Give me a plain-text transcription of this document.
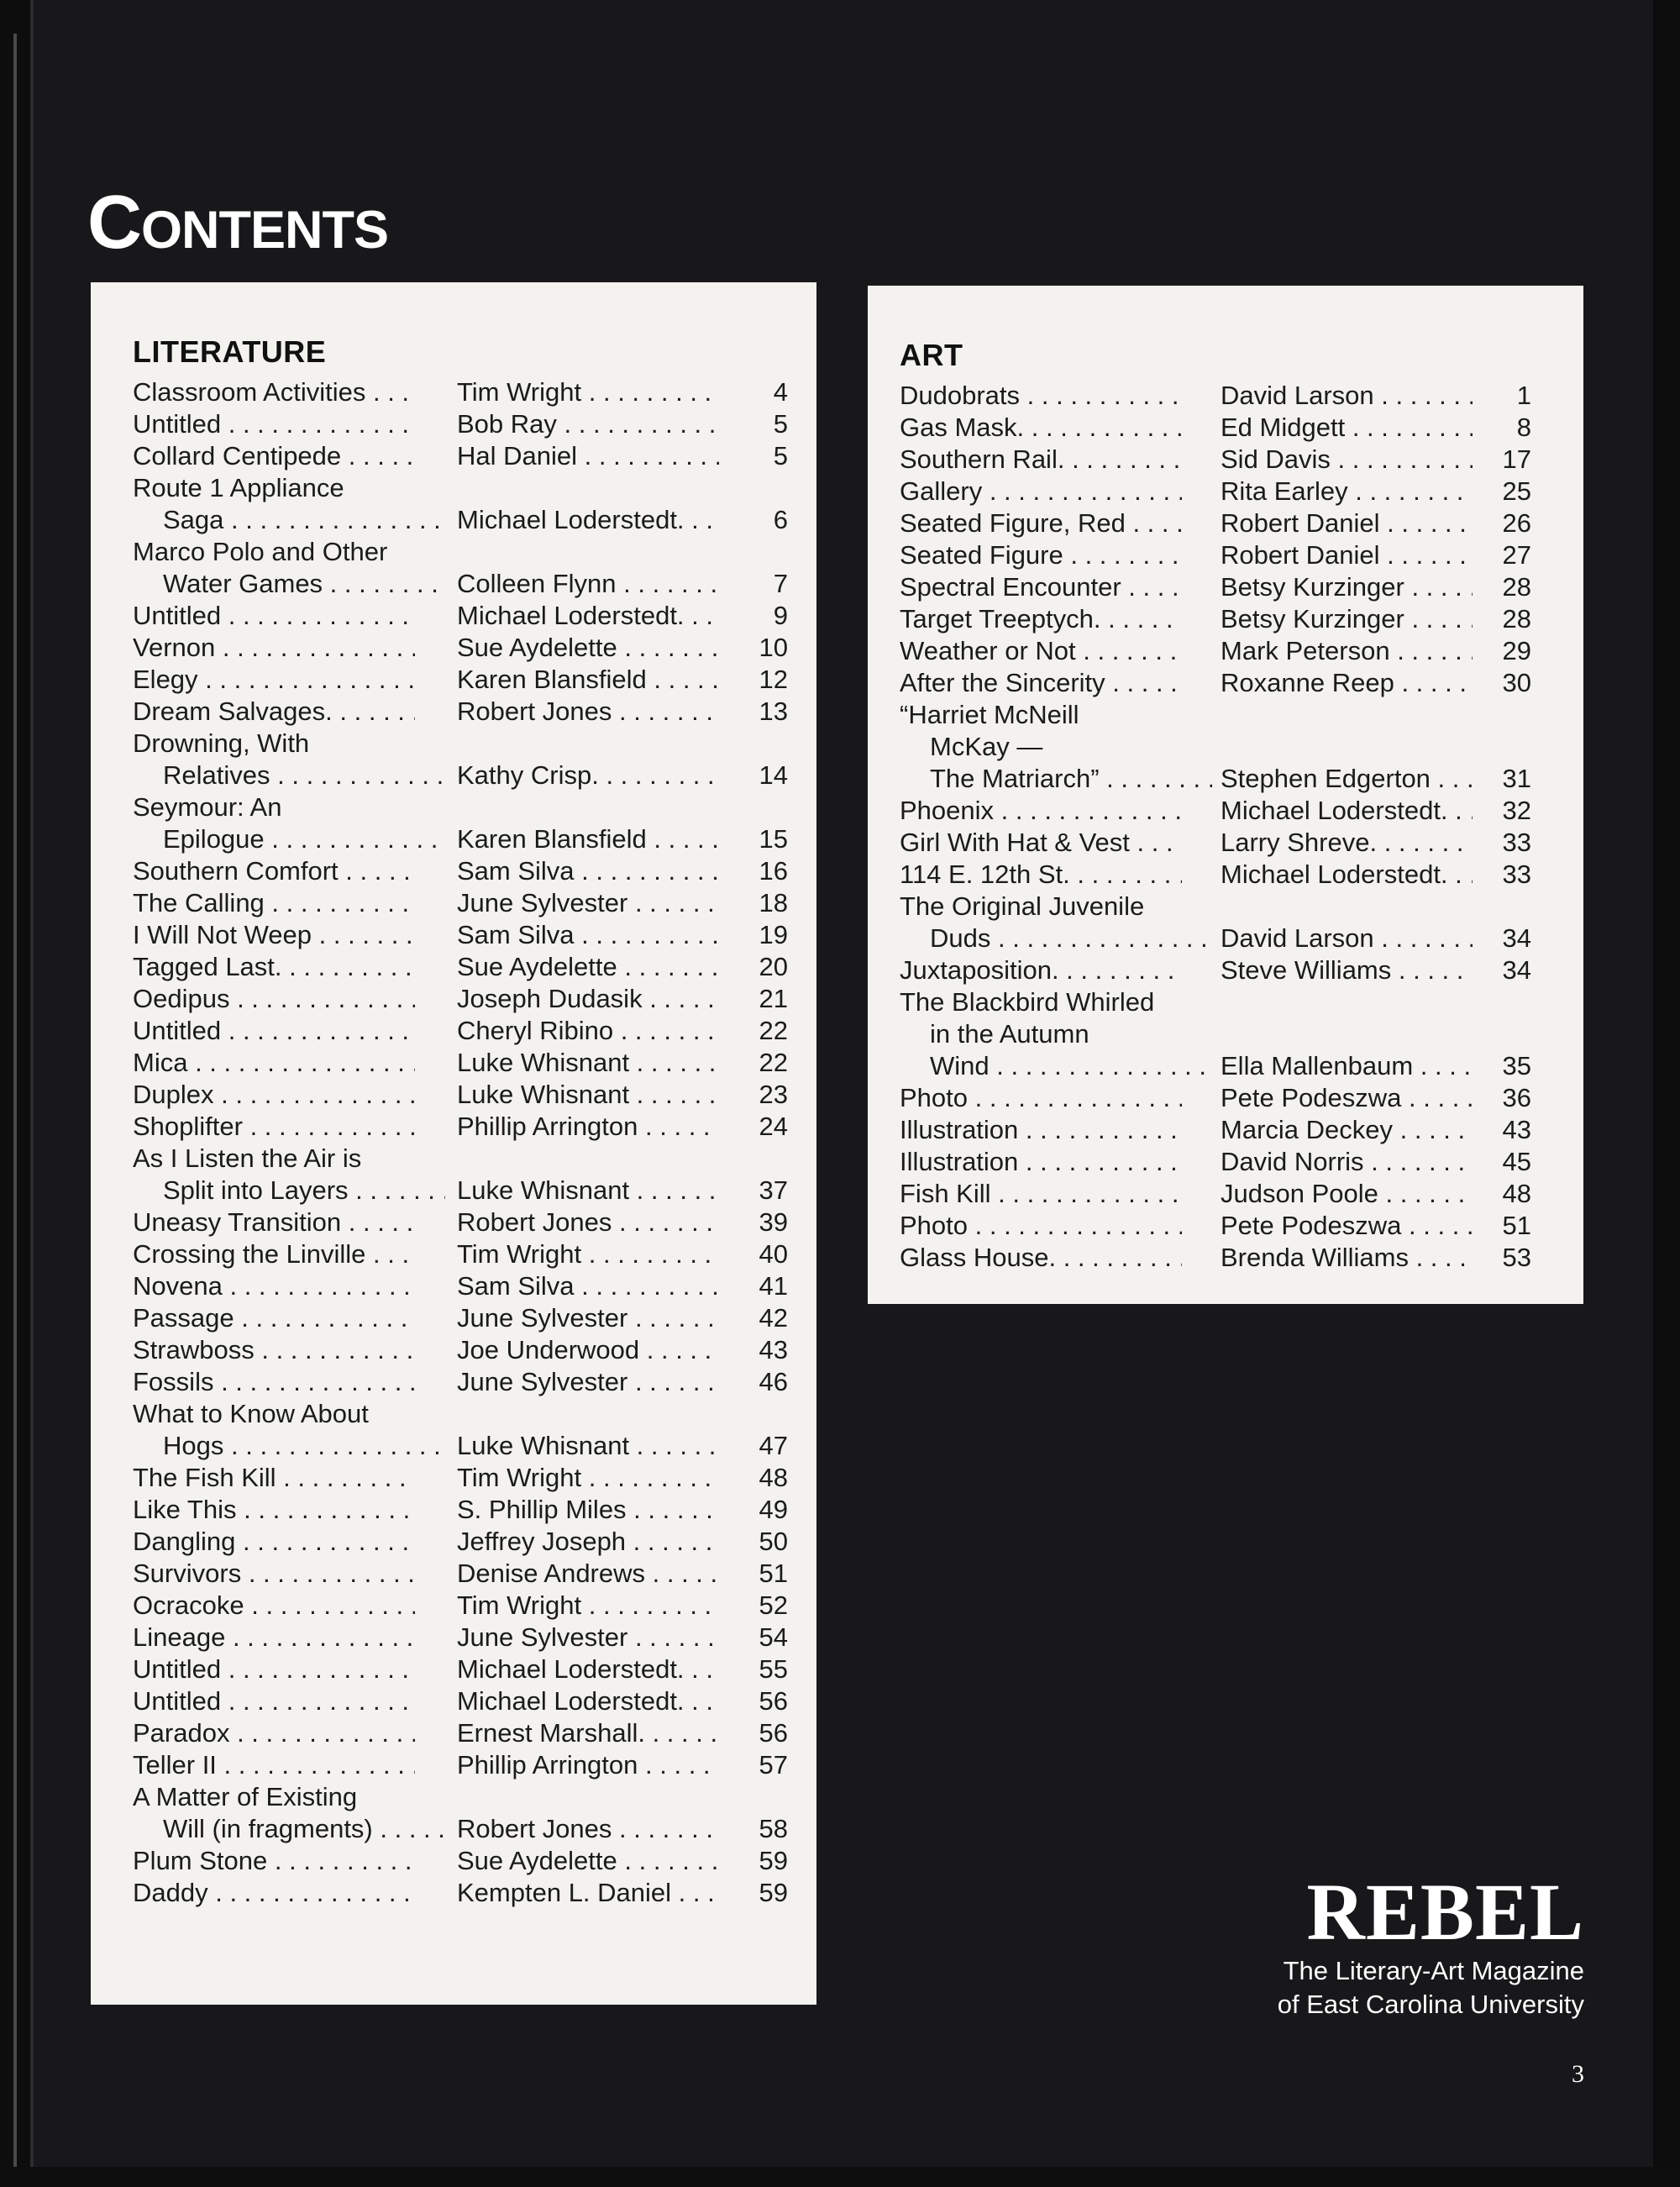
Contents
LITERATURE
Classroom Activities . . .	Tim Wright . . .	4
Untitled . . .	Bob Ray . . .	5
Collard Centipede . . .	Hal Daniel . . .	5
Route 1 Appliance
Saga . . .	Michael Loderstedt. . . .	6
Marco Polo and Other
Water Games . . .	Colleen Flynn . . .	7
Untitled . . .	Michael Loderstedt. . . .	9
Vernon . . .	Sue Aydelette . . .	10
Elegy . . .	Karen Blansfield . . .	12
Dream Salvages. . . .	Robert Jones . . .	13
Drowning, With
Relatives . . .	Kathy Crisp. . . .	14
Seymour: An
Epilogue . . .	Karen Blansfield . . .	15
Southern Comfort . . .	Sam Silva . . .	16
The Calling . . .	June Sylvester . . .	18
I Will Not Weep . . .	Sam Silva . . .	19
Tagged Last. . . .	Sue Aydelette . . .	20
Oedipus . . .	Joseph Dudasik . . .	21
Untitled . . .	Cheryl Ribino . . .	22
Mica . . .	Luke Whisnant . . .	22
Duplex . . .	Luke Whisnant . . .	23
Shoplifter . . .	Phillip Arrington . . .	24
As I Listen the Air is
Split into Layers . . .	Luke Whisnant . . .	37
Uneasy Transition . . .	Robert Jones . . .	39
Crossing the Linville . . .	Tim Wright . . .	40
Novena . . .	Sam Silva . . .	41
Passage . . .	June Sylvester . . .	42
Strawboss . . .	Joe Underwood . . .	43
Fossils . . .	June Sylvester . . .	46
What to Know About
Hogs . . .	Luke Whisnant . . .	47
The Fish Kill . . .	Tim Wright . . .	48
Like This . . .	S. Phillip Miles . . .	49
Dangling . . .	Jeffrey Joseph . . .	50
Survivors . . .	Denise Andrews . . .	51
Ocracoke . . .	Tim Wright . . .	52
Lineage . . .	June Sylvester . . .	54
Untitled . . .	Michael Loderstedt. . . .	55
Untitled . . .	Michael Loderstedt. . . .	56
Paradox . . .	Ernest Marshall. . . .	56
Teller II . . .	Phillip Arrington . . .	57
A Matter of Existing
Will (in fragments) . . .	Robert Jones . . .	58
Plum Stone . . .	Sue Aydelette . . .	59
Daddy . . .	Kempten L. Daniel . . .	59
ART
Dudobrats . . .	David Larson . . .	1
Gas Mask. . . .	Ed Midgett . . .	8
Southern Rail. . . .	Sid Davis . . .	17
Gallery . . .	Rita Earley . . .	25
Seated Figure, Red . . .	Robert Daniel . . .	26
Seated Figure . . .	Robert Daniel . . .	27
Spectral Encounter . . .	Betsy Kurzinger . . .	28
Target Treeptych. . . .	Betsy Kurzinger . . .	28
Weather or Not . . .	Mark Peterson . . .	29
After the Sincerity . . .	Roxanne Reep . . .	30
“Harriet McNeill
McKay —
The Matriarch” . . .	Stephen Edgerton . . .	31
Phoenix . . .	Michael Loderstedt. . . .	32
Girl With Hat & Vest . . .	Larry Shreve. . . .	33
114 E. 12th St. . . .	Michael Loderstedt. . . .	33
The Original Juvenile
Duds . . .	David Larson . . .	34
Juxtaposition. . . .	Steve Williams . . .	34
The Blackbird Whirled
in the Autumn
Wind . . .	Ella Mallenbaum . . .	35
Photo . . .	Pete Podeszwa . . .	36
Illustration . . .	Marcia Deckey . . .	43
Illustration . . .	David Norris . . .	45
Fish Kill . . .	Judson Poole . . .	48
Photo . . .	Pete Podeszwa . . .	51
Glass House. . . .	Brenda Williams . . .	53
REBEL
The Literary-Art Magazine
of East Carolina University
3
